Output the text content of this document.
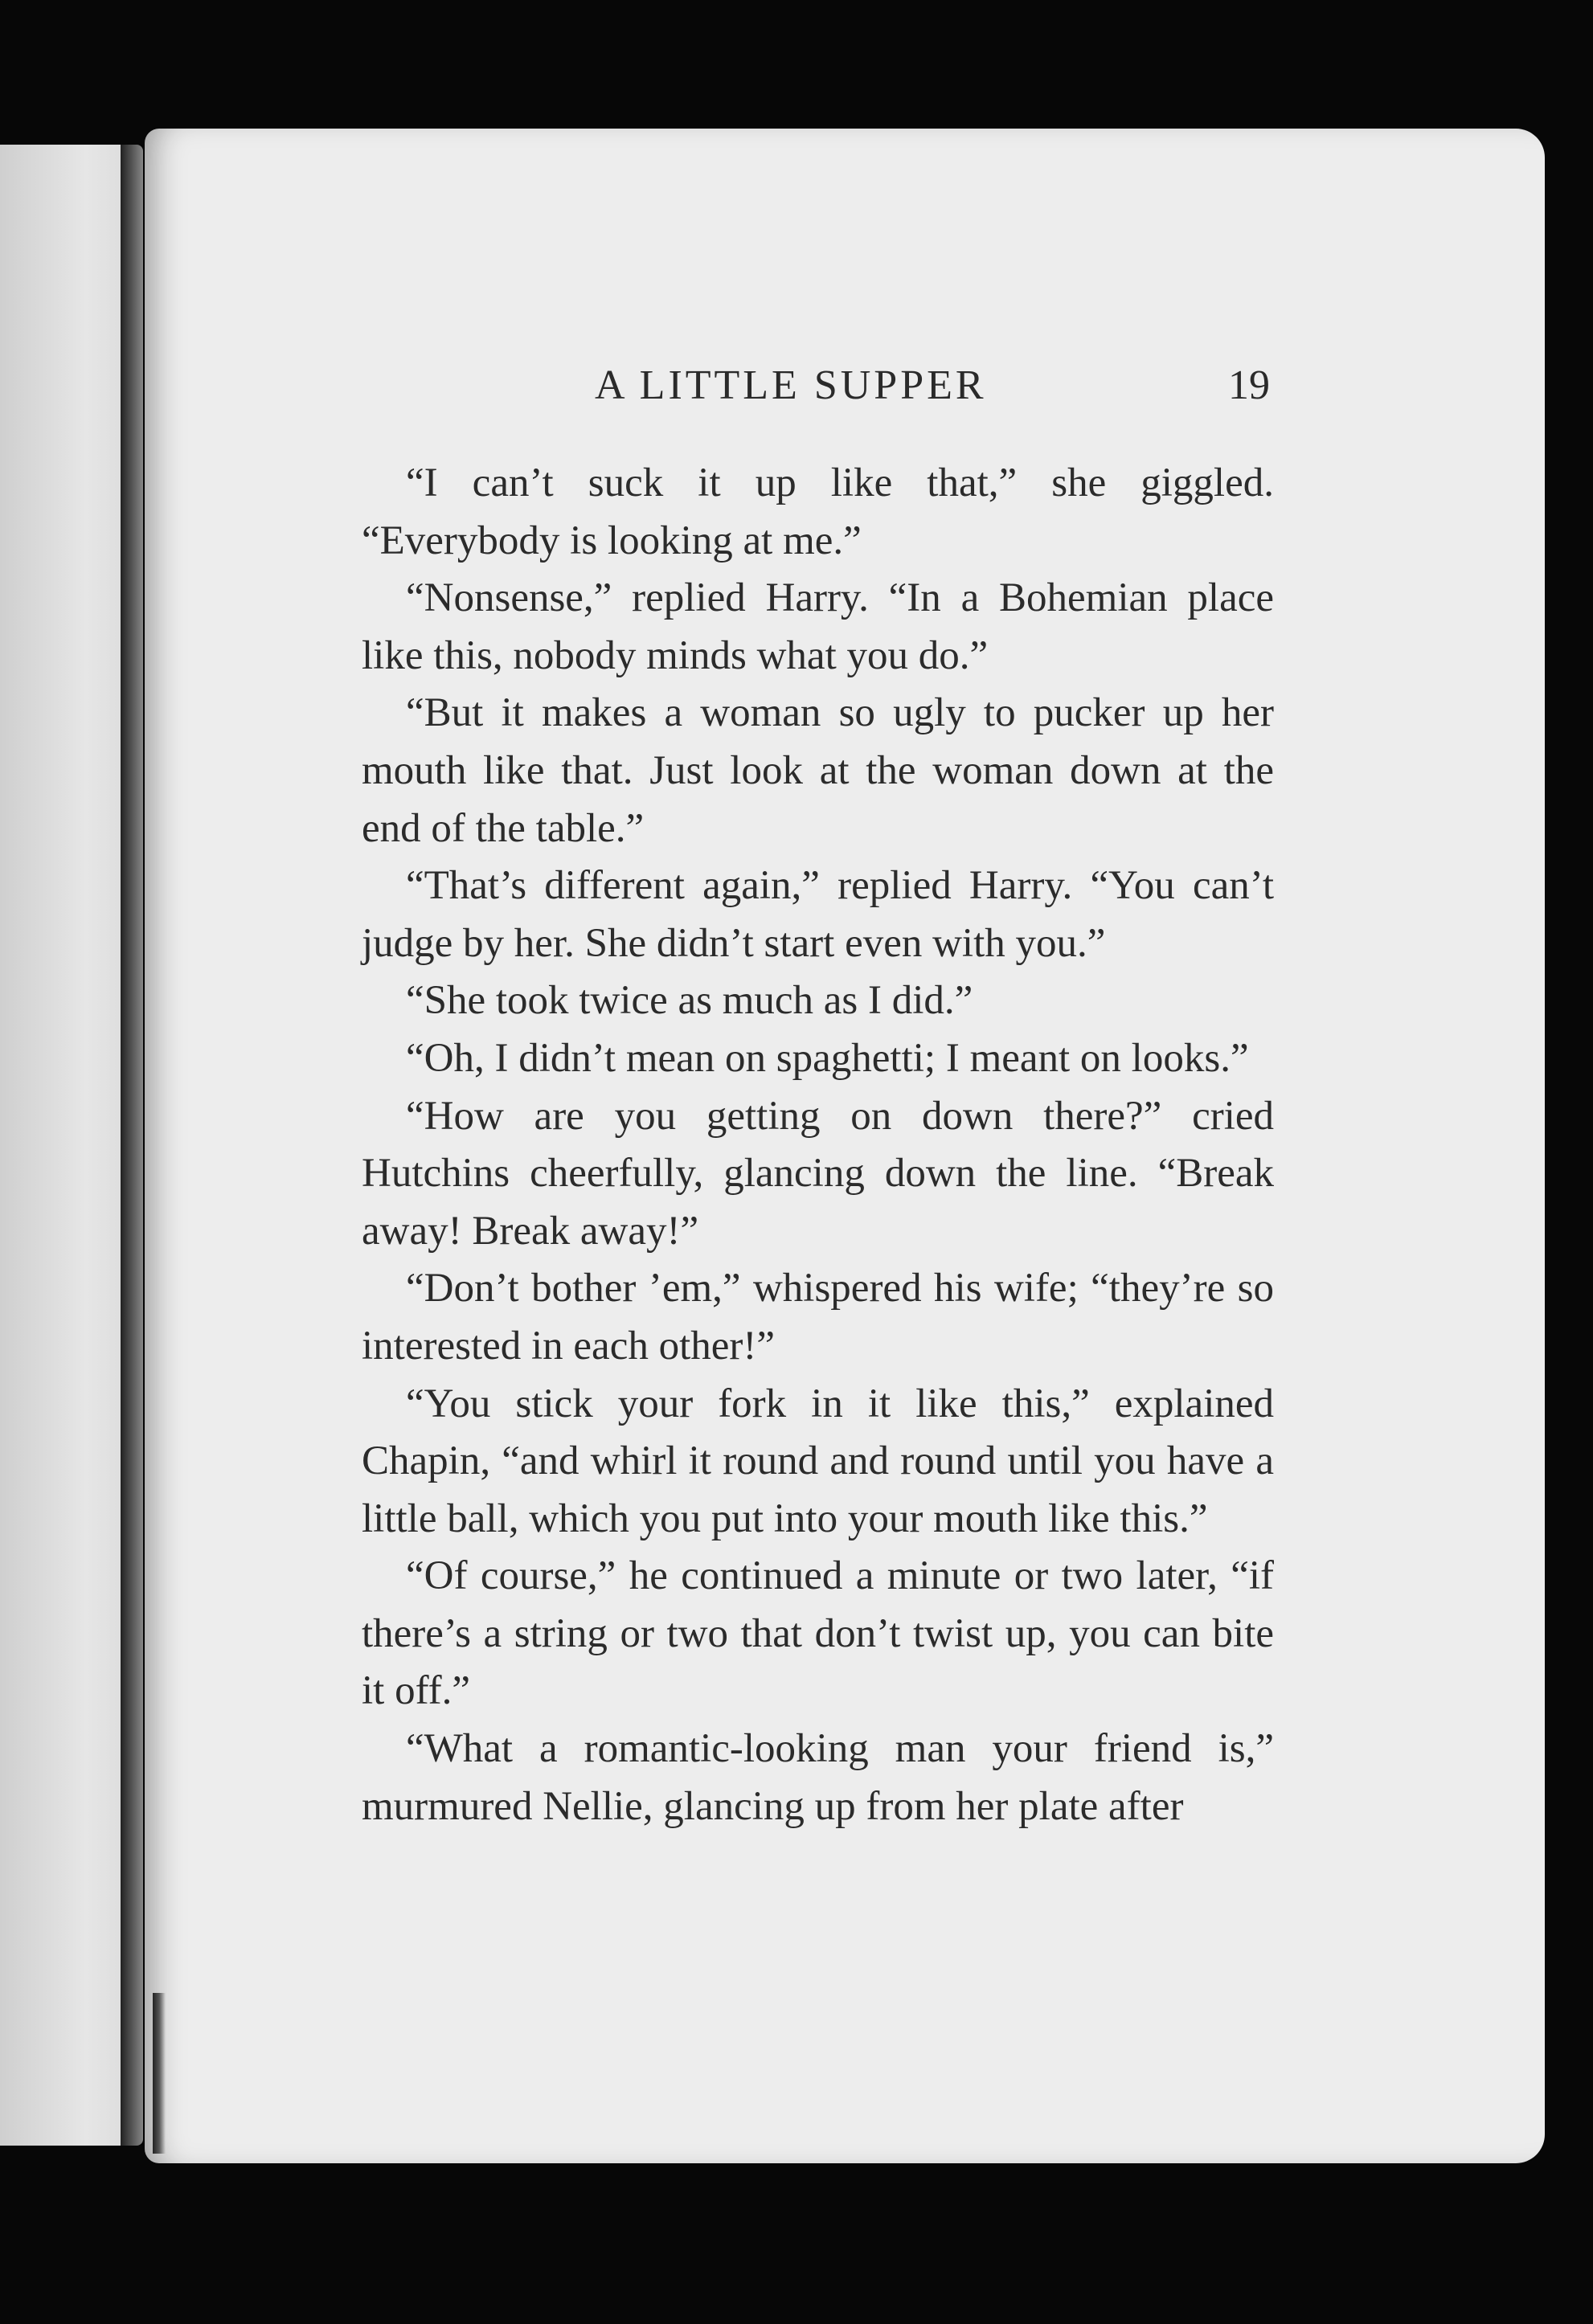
A LITTLE SUPPER	19

“I can’t suck it up like that,” she giggled. “Everybody is looking at me.”

“Nonsense,” replied Harry. “In a Bohemian place like this, nobody minds what you do.”

“But it makes a woman so ugly to pucker up her mouth like that. Just look at the woman down at the end of the table.”

“That’s different again,” replied Harry. “You can’t judge by her. She didn’t start even with you.”

“She took twice as much as I did.”

“Oh, I didn’t mean on spaghetti; I meant on looks.”

“How are you getting on down there?” cried Hutchins cheerfully, glancing down the line. “Break away! Break away!”

“Don’t bother ’em,” whispered his wife; “they’re so interested in each other!”

“You stick your fork in it like this,” explained Chapin, “and whirl it round and round until you have a little ball, which you put into your mouth like this.”

“Of course,” he continued a minute or two later, “if there’s a string or two that don’t twist up, you can bite it off.”

“What a romantic-looking man your friend is,” murmured Nellie, glancing up from her plate after
